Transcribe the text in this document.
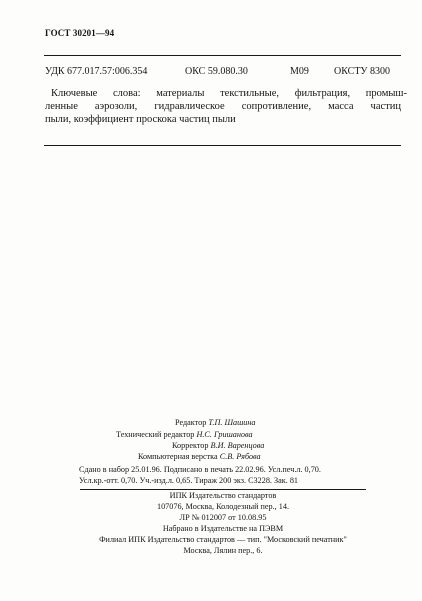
ГОСТ 30201—94
УДК 677.017.57:006.354	ОКС 59.080.30	М09	ОКСТУ 8300
Ключевые слова: материалы текстильные, фильтрация, промыш-
ленные аэрозоли, гидравлическое сопротивление, масса частиц
пыли, коэффициент проскока частиц пыли
Редактор Т.П. Шашина
Технический редактор Н.С. Гришанова
Корректор В.И. Варенцова
Компьютерная верстка С.В. Рябова
Сдано в набор 25.01.96. Подписано в печать 22.02.96. Усл.печ.л. 0,70.
Усл.кр.-отт. 0,70. Уч.-изд.л. 0,65. Тираж 200 экз. С3228. Зак. 81
ИПК Издательство стандартов
107076, Москва, Колодезный пер., 14.
ЛР № 012007 от 10.08.95
Набрано в Издательстве на ПЭВМ
Филиал ИПК Издательство стандартов — тип. "Московский печатник"
Москва, Лялин пер., 6.
